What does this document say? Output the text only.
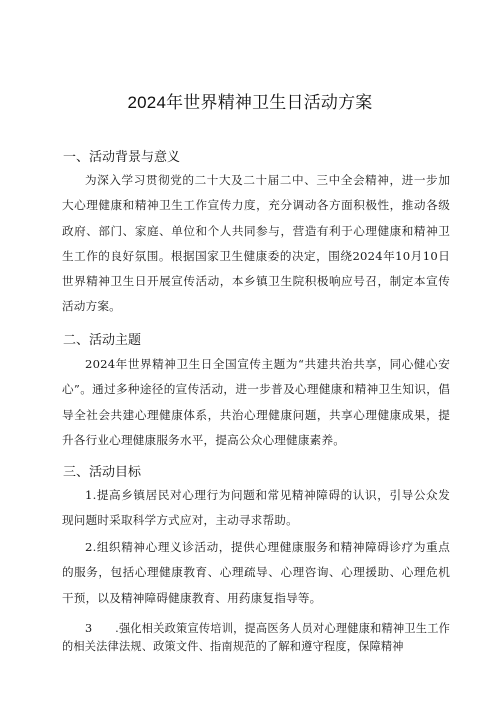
2024年世界精神卫生日活动方案
一、活动背景与意义
为深入学习贯彻党的二十大及二十届二中、三中全会精神，进一步加大心理健康和精神卫生工作宣传力度，充分调动各方面积极性，推动各级政府、部门、家庭、单位和个人共同参与，营造有利于心理健康和精神卫生工作的良好氛围。根据国家卫生健康委的决定，围绕2024年10月10日世界精神卫生日开展宣传活动，本乡镇卫生院积极响应号召，制定本宣传活动方案。
二、活动主题
2024年世界精神卫生日全国宣传主题为“共建共治共享，同心健心安心”。通过多种途径的宣传活动，进一步普及心理健康和精神卫生知识，倡导全社会共建心理健康体系，共治心理健康问题，共享心理健康成果，提升各行业心理健康服务水平，提高公众心理健康素养。
三、活动目标
1.提高乡镇居民对心理行为问题和常见精神障碍的认识，引导公众发现问题时采取科学方式应对，主动寻求帮助。
2.组织精神心理义诊活动，提供心理健康服务和精神障碍诊疗为重点的服务，包括心理健康教育、心理疏导、心理咨询、心理援助、心理危机干预，以及精神障碍健康教育、用药康复指导等。
3　　.强化相关政策宣传培训，提高医务人员对心理健康和精神卫生工作的相关法律法规、政策文件、指南规范的了解和遵守程度，保障精神
